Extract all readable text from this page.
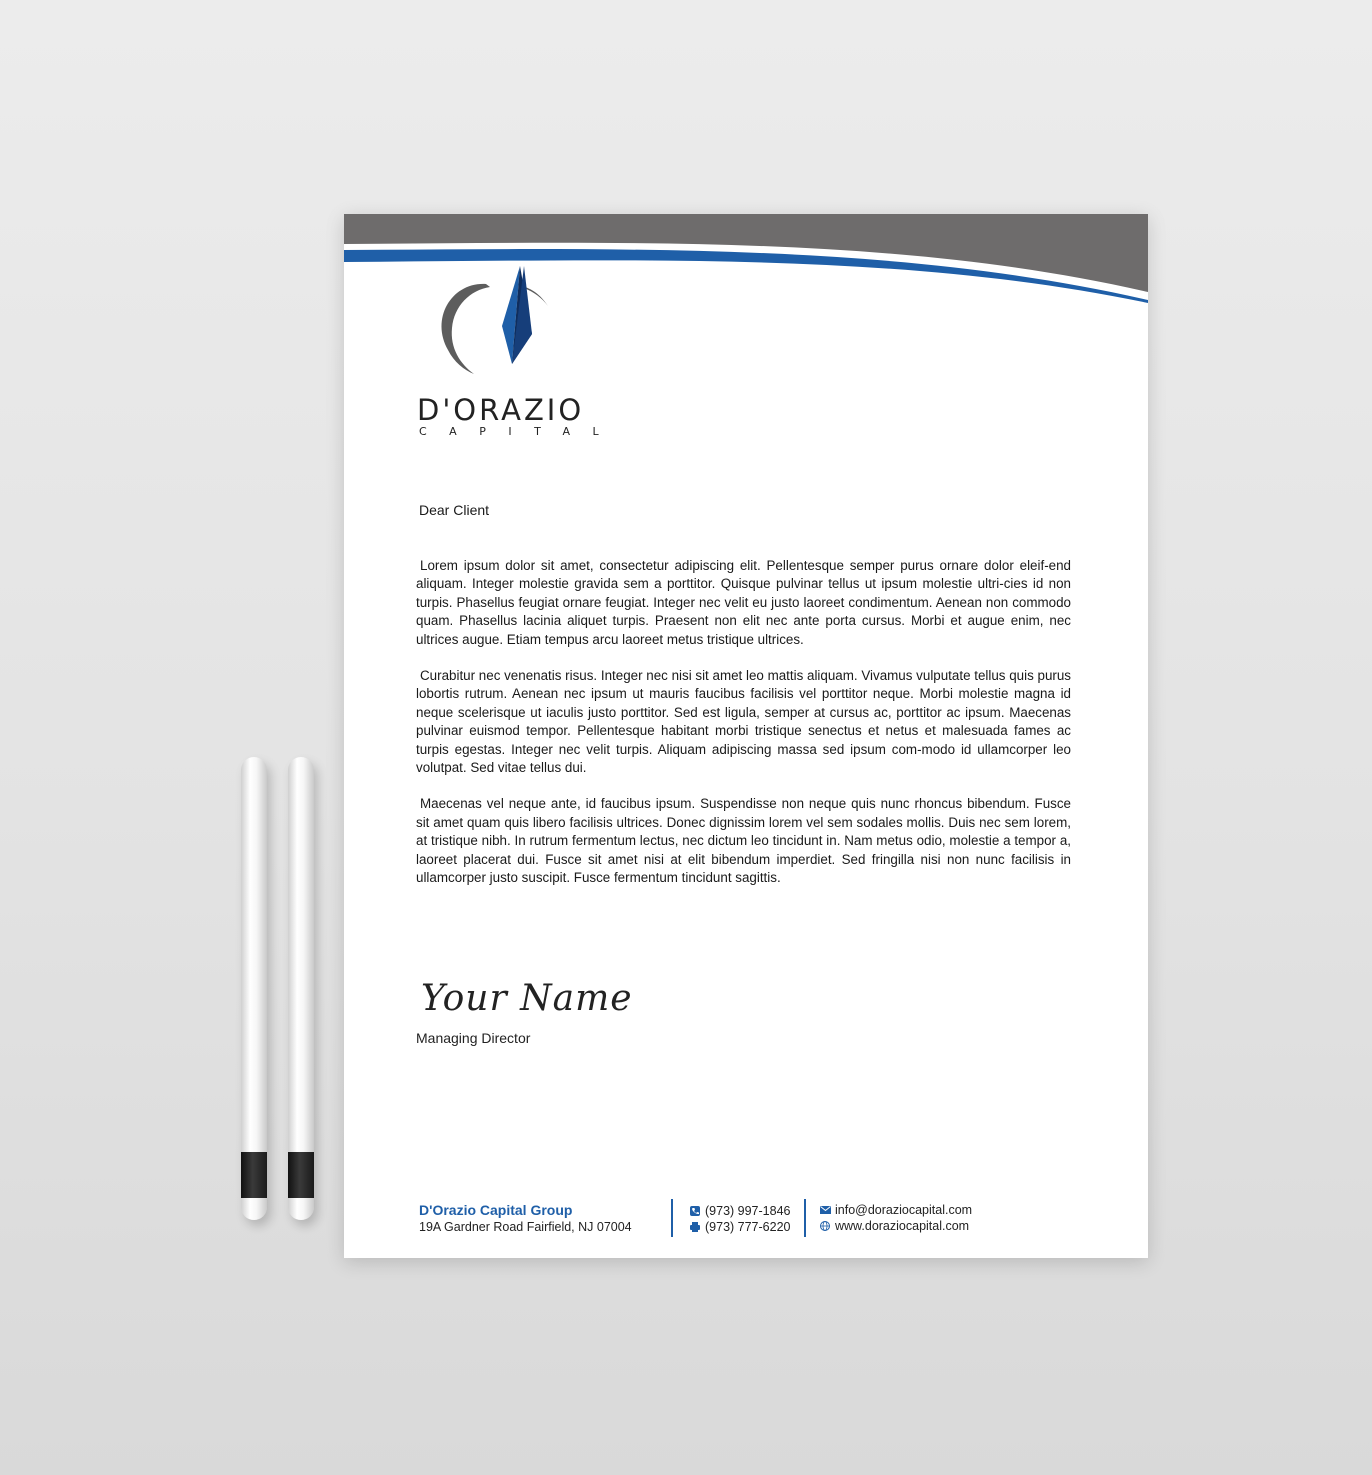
D'ORAZIO
CAPITAL
Dear Client

Lorem ipsum dolor sit amet, consectetur adipiscing elit. Pellentesque semper purus ornare dolor eleif-end aliquam. Integer molestie gravida sem a porttitor. Quisque pulvinar tellus ut ipsum molestie ultri-cies id non turpis. Phasellus feugiat ornare feugiat. Integer nec velit eu justo laoreet condimentum. Aenean non commodo quam. Phasellus lacinia aliquet turpis. Praesent non elit nec ante porta cursus. Morbi et augue enim, nec ultrices augue. Etiam tempus arcu laoreet metus tristique ultrices.

Curabitur nec venenatis risus. Integer nec nisi sit amet leo mattis aliquam. Vivamus vulputate tellus quis purus lobortis rutrum. Aenean nec ipsum ut mauris faucibus facilisis vel porttitor neque. Morbi molestie magna id neque scelerisque ut iaculis justo porttitor. Sed est ligula, semper at cursus ac, porttitor ac ipsum. Maecenas pulvinar euismod tempor. Pellentesque habitant morbi tristique senectus et netus et malesuada fames ac turpis egestas. Integer nec velit turpis. Aliquam adipiscing massa sed ipsum com-modo id ullamcorper leo volutpat. Sed vitae tellus dui.

Maecenas vel neque ante, id faucibus ipsum. Suspendisse non neque quis nunc rhoncus bibendum. Fusce sit amet quam quis libero facilisis ultrices. Donec dignissim lorem vel sem sodales mollis. Duis nec sem lorem, at tristique nibh. In rutrum fermentum lectus, nec dictum leo tincidunt in. Nam metus odio, molestie a tempor a, laoreet placerat dui. Fusce sit amet nisi at elit bibendum imperdiet. Sed fringilla nisi non nunc facilisis in ullamcorper justo suscipit. Fusce fermentum tincidunt sagittis.

Your Name
Managing Director
D'Orazio Capital Group
19A Gardner Road Fairfield, NJ 07004
(973) 997-1846
(973) 777-6220
info@doraziocapital.com
www.doraziocapital.com
